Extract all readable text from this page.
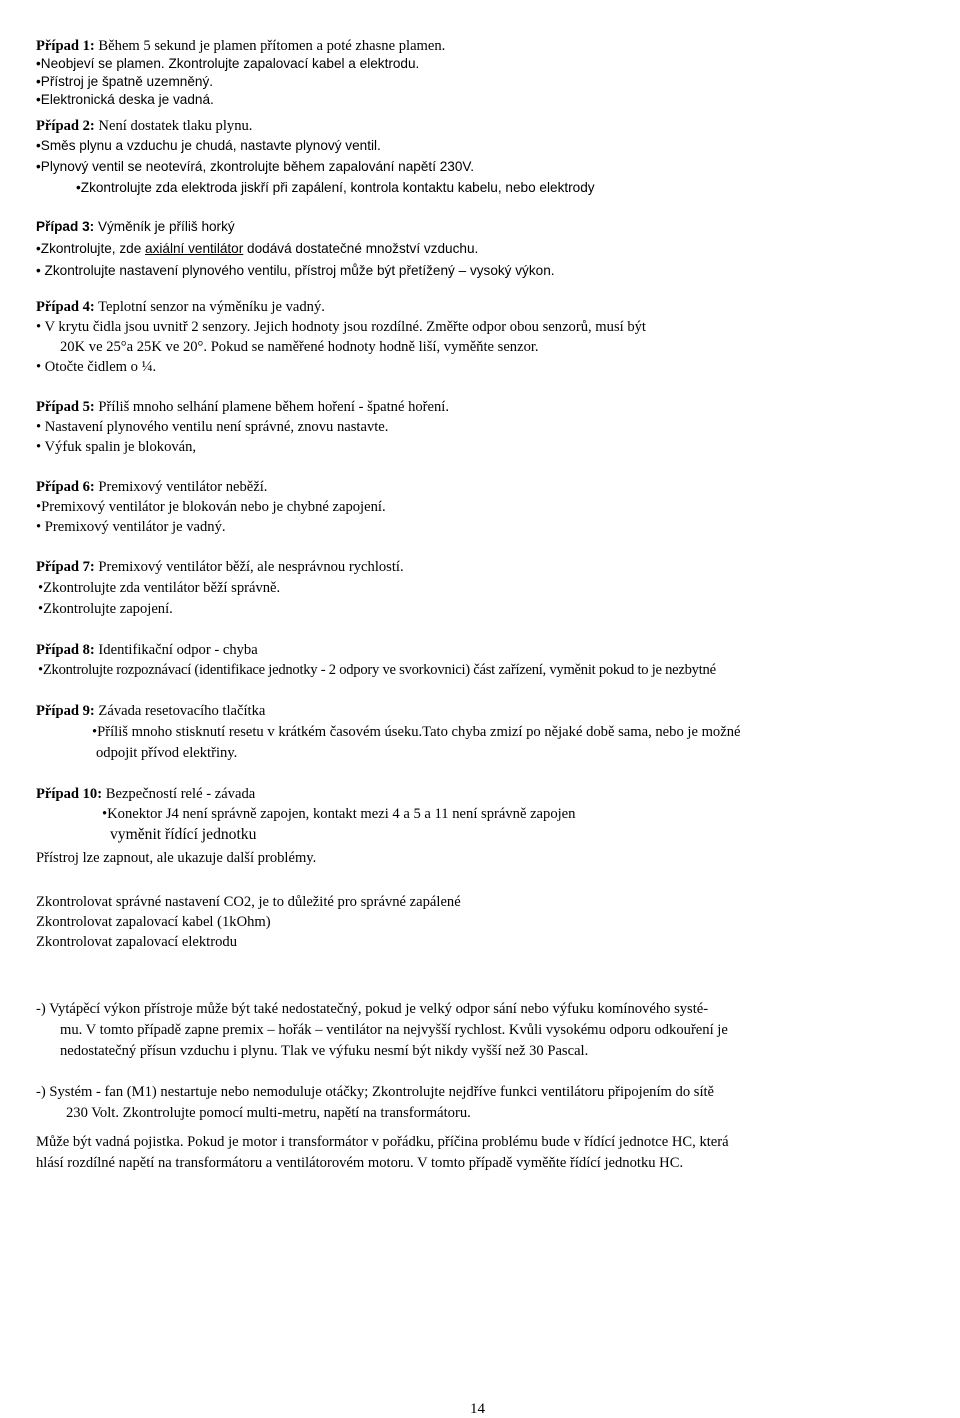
Případ 1: Během 5 sekund je plamen přítomen a poté zhasne plamen.
•Neobjeví se plamen. Zkontrolujte zapalovací kabel a elektrodu.
•Přístroj je špatně uzemněný.
•Elektronická deska je vadná.
Případ 2: Není dostatek tlaku plynu.
•Směs plynu a vzduchu je chudá, nastavte plynový ventil.
•Plynový ventil se neotevírá, zkontrolujte během zapalování napětí 230V.
•Zkontrolujte zda elektroda jiskří při zapálení, kontrola kontaktu kabelu, nebo elektrody
Případ 3: Výměník je příliš horký
•Zkontrolujte, zde axiální ventilátor dodává dostatečné množství vzduchu.
• Zkontrolujte nastavení plynového ventilu, přístroj může být přetížený – vysoký výkon.
Případ 4: Teplotní senzor na výměníku je vadný.
• V krytu čidla jsou uvnitř 2 senzory. Jejich hodnoty jsou rozdílné. Změřte odpor obou senzorů, musí být
20K ve 25°a 25K ve 20°. Pokud se naměřené hodnoty hodně liší, vyměňte senzor.
• Otočte čidlem o ¼.
Případ 5: Příliš mnoho selhání plamene během hoření - špatné hoření.
• Nastavení plynového ventilu není správné, znovu nastavte.
• Výfuk spalin je blokován,
Případ 6: Premixový ventilátor neběží.
•Premixový ventilátor je blokován nebo je chybné zapojení.
• Premixový ventilátor je vadný.
Případ 7: Premixový ventilátor běží, ale nesprávnou rychlostí.
•Zkontrolujte zda ventilátor běží správně.
•Zkontrolujte zapojení.
Případ 8: Identifikační odpor - chyba
•Zkontrolujte rozpoznávací (identifikace jednotky - 2 odpory ve svorkovnici) část zařízení, vyměnit pokud to je nezbytné
Případ 9: Závada resetovacího tlačítka
•Příliš mnoho stisknutí resetu v krátkém časovém úseku.Tato chyba zmizí po nějaké době sama, nebo je možné
odpojit přívod elektřiny.
Případ 10: Bezpečností relé - závada
•Konektor J4 není správně zapojen, kontakt mezi 4 a 5 a 11 není správně zapojen
vyměnit řídící jednotku
Přístroj lze zapnout, ale ukazuje další problémy.
Zkontrolovat správné nastavení CO2, je to důležité pro správné zapálené
Zkontrolovat zapalovací kabel (1kOhm)
Zkontrolovat zapalovací elektrodu
-) Vytápěcí výkon přístroje může být také nedostatečný, pokud je velký odpor sání nebo výfuku komínového systé-
mu. V tomto případě zapne premix – hořák – ventilátor na nejvyšší rychlost. Kvůli vysokému odporu odkouření je
nedostatečný přísun vzduchu i plynu. Tlak ve výfuku nesmí být nikdy vyšší než 30 Pascal.
-) Systém - fan (M1) nestartuje nebo nemoduluje otáčky; Zkontrolujte nejdříve funkci ventilátoru připojením do sítě
230 Volt. Zkontrolujte pomocí multi-metru, napětí na transformátoru.
Může být vadná pojistka. Pokud je motor i transformátor v pořádku, příčina problému bude v řídící jednotce HC, která
hlásí rozdílné napětí na transformátoru a ventilátorovém motoru. V tomto případě vyměňte řídící jednotku HC.
14
